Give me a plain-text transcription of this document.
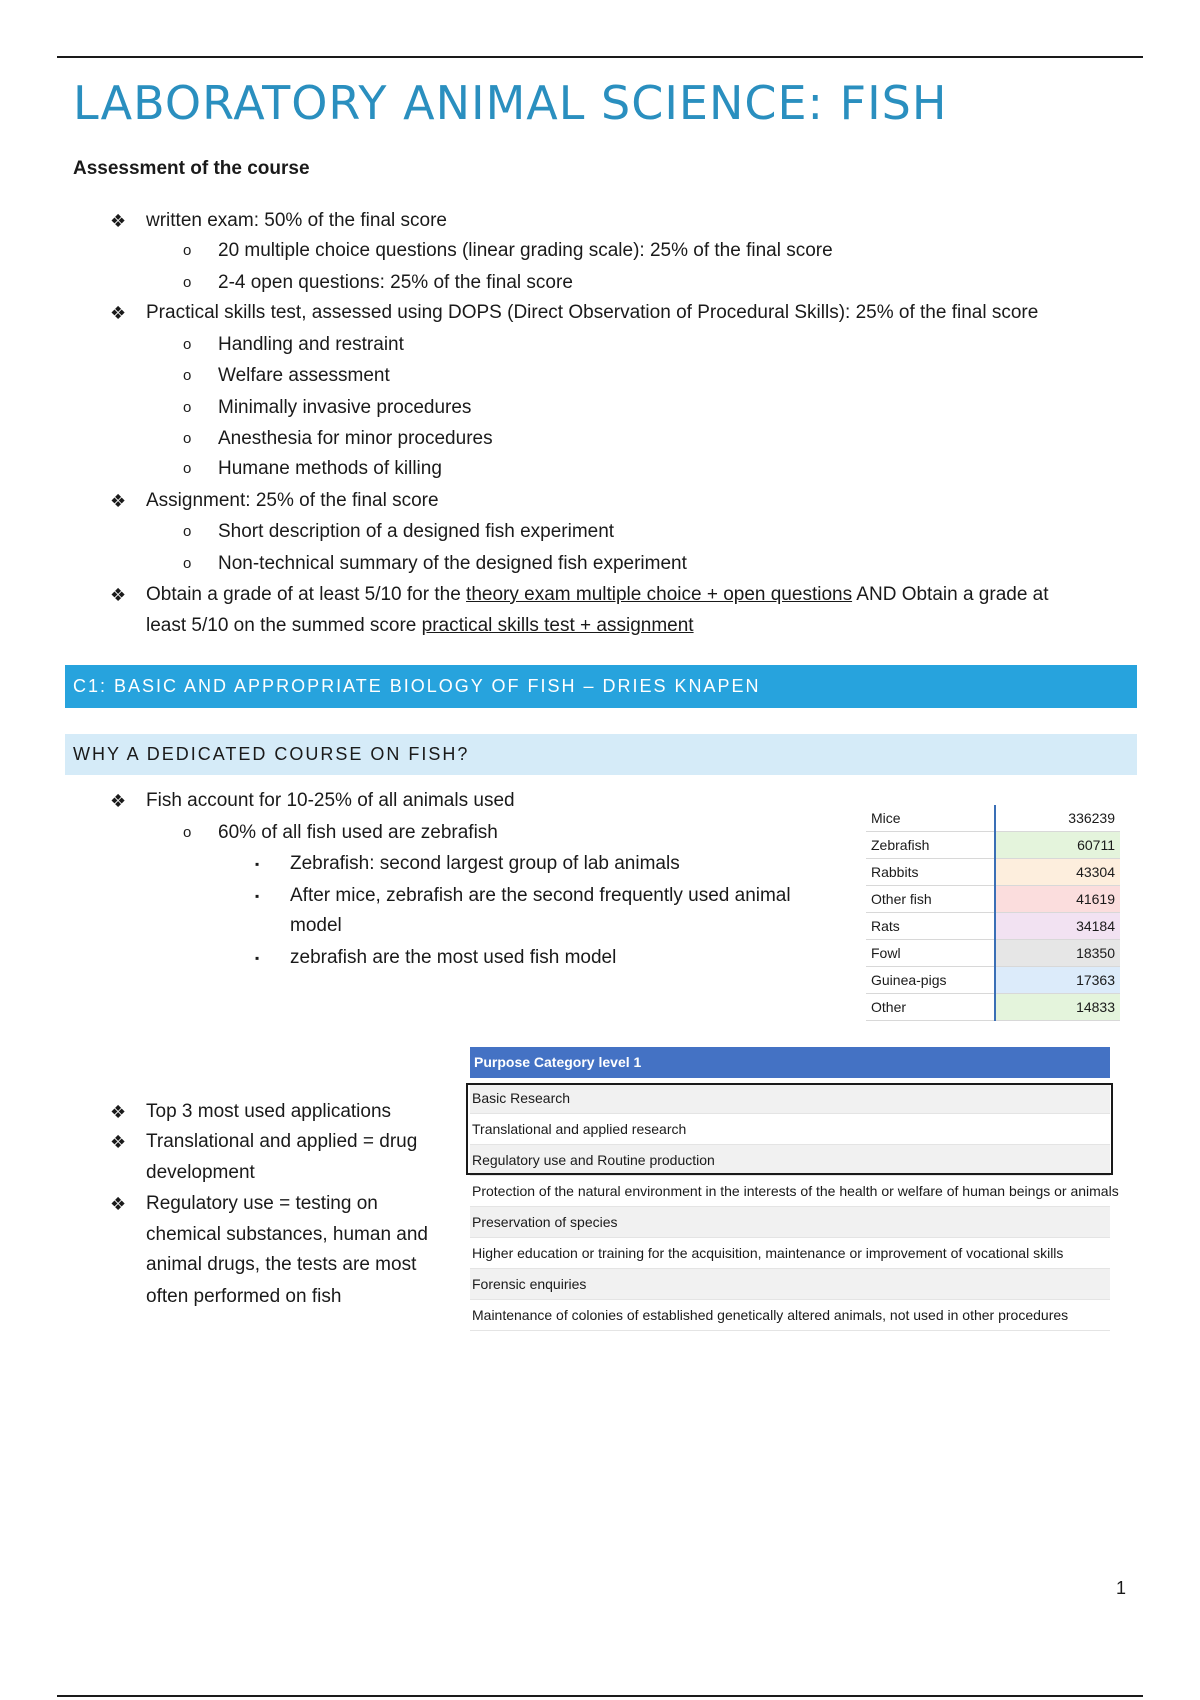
LABORATORY ANIMAL SCIENCE: FISH
Assessment of the course
❖ written exam: 50% of the final score
o 20 multiple choice questions (linear grading scale): 25% of the final score
o 2-4 open questions: 25% of the final score
❖ Practical skills test, assessed using DOPS (Direct Observation of Procedural Skills): 25% of the final score
o Handling and restraint
o Welfare assessment
o Minimally invasive procedures
o Anesthesia for minor procedures
o Humane methods of killing
❖ Assignment: 25% of the final score
o Short description of a designed fish experiment
o Non-technical summary of the designed fish experiment
❖ Obtain a grade of at least 5/10 for the theory exam multiple choice + open questions AND Obtain a grade at
least 5/10 on the summed score practical skills test + assignment
C1: BASIC AND APPROPRIATE BIOLOGY OF FISH – DRIES KNAPEN
WHY A DEDICATED COURSE ON FISH?
❖ Fish account for 10-25% of all animals used
o 60% of all fish used are zebrafish
▪ Zebrafish: second largest group of lab animals
▪ After mice, zebrafish are the second frequently used animal
model
▪ zebrafish are the most used fish model
Mice	336239
Zebrafish	60711
Rabbits	43304
Other fish	41619
Rats	34184
Fowl	18350
Guinea-pigs	17363
Other	14833
❖ Top 3 most used applications
❖ Translational and applied = drug
development
❖ Regulatory use = testing on
chemical substances, human and
animal drugs, the tests are most
often performed on fish
Purpose Category level 1
Basic Research
Translational and applied research
Regulatory use and Routine production
Protection of the natural environment in the interests of the health or welfare of human beings or animals
Preservation of species
Higher education or training for the acquisition, maintenance or improvement of vocational skills
Forensic enquiries
Maintenance of colonies of established genetically altered animals, not used in other procedures
1
